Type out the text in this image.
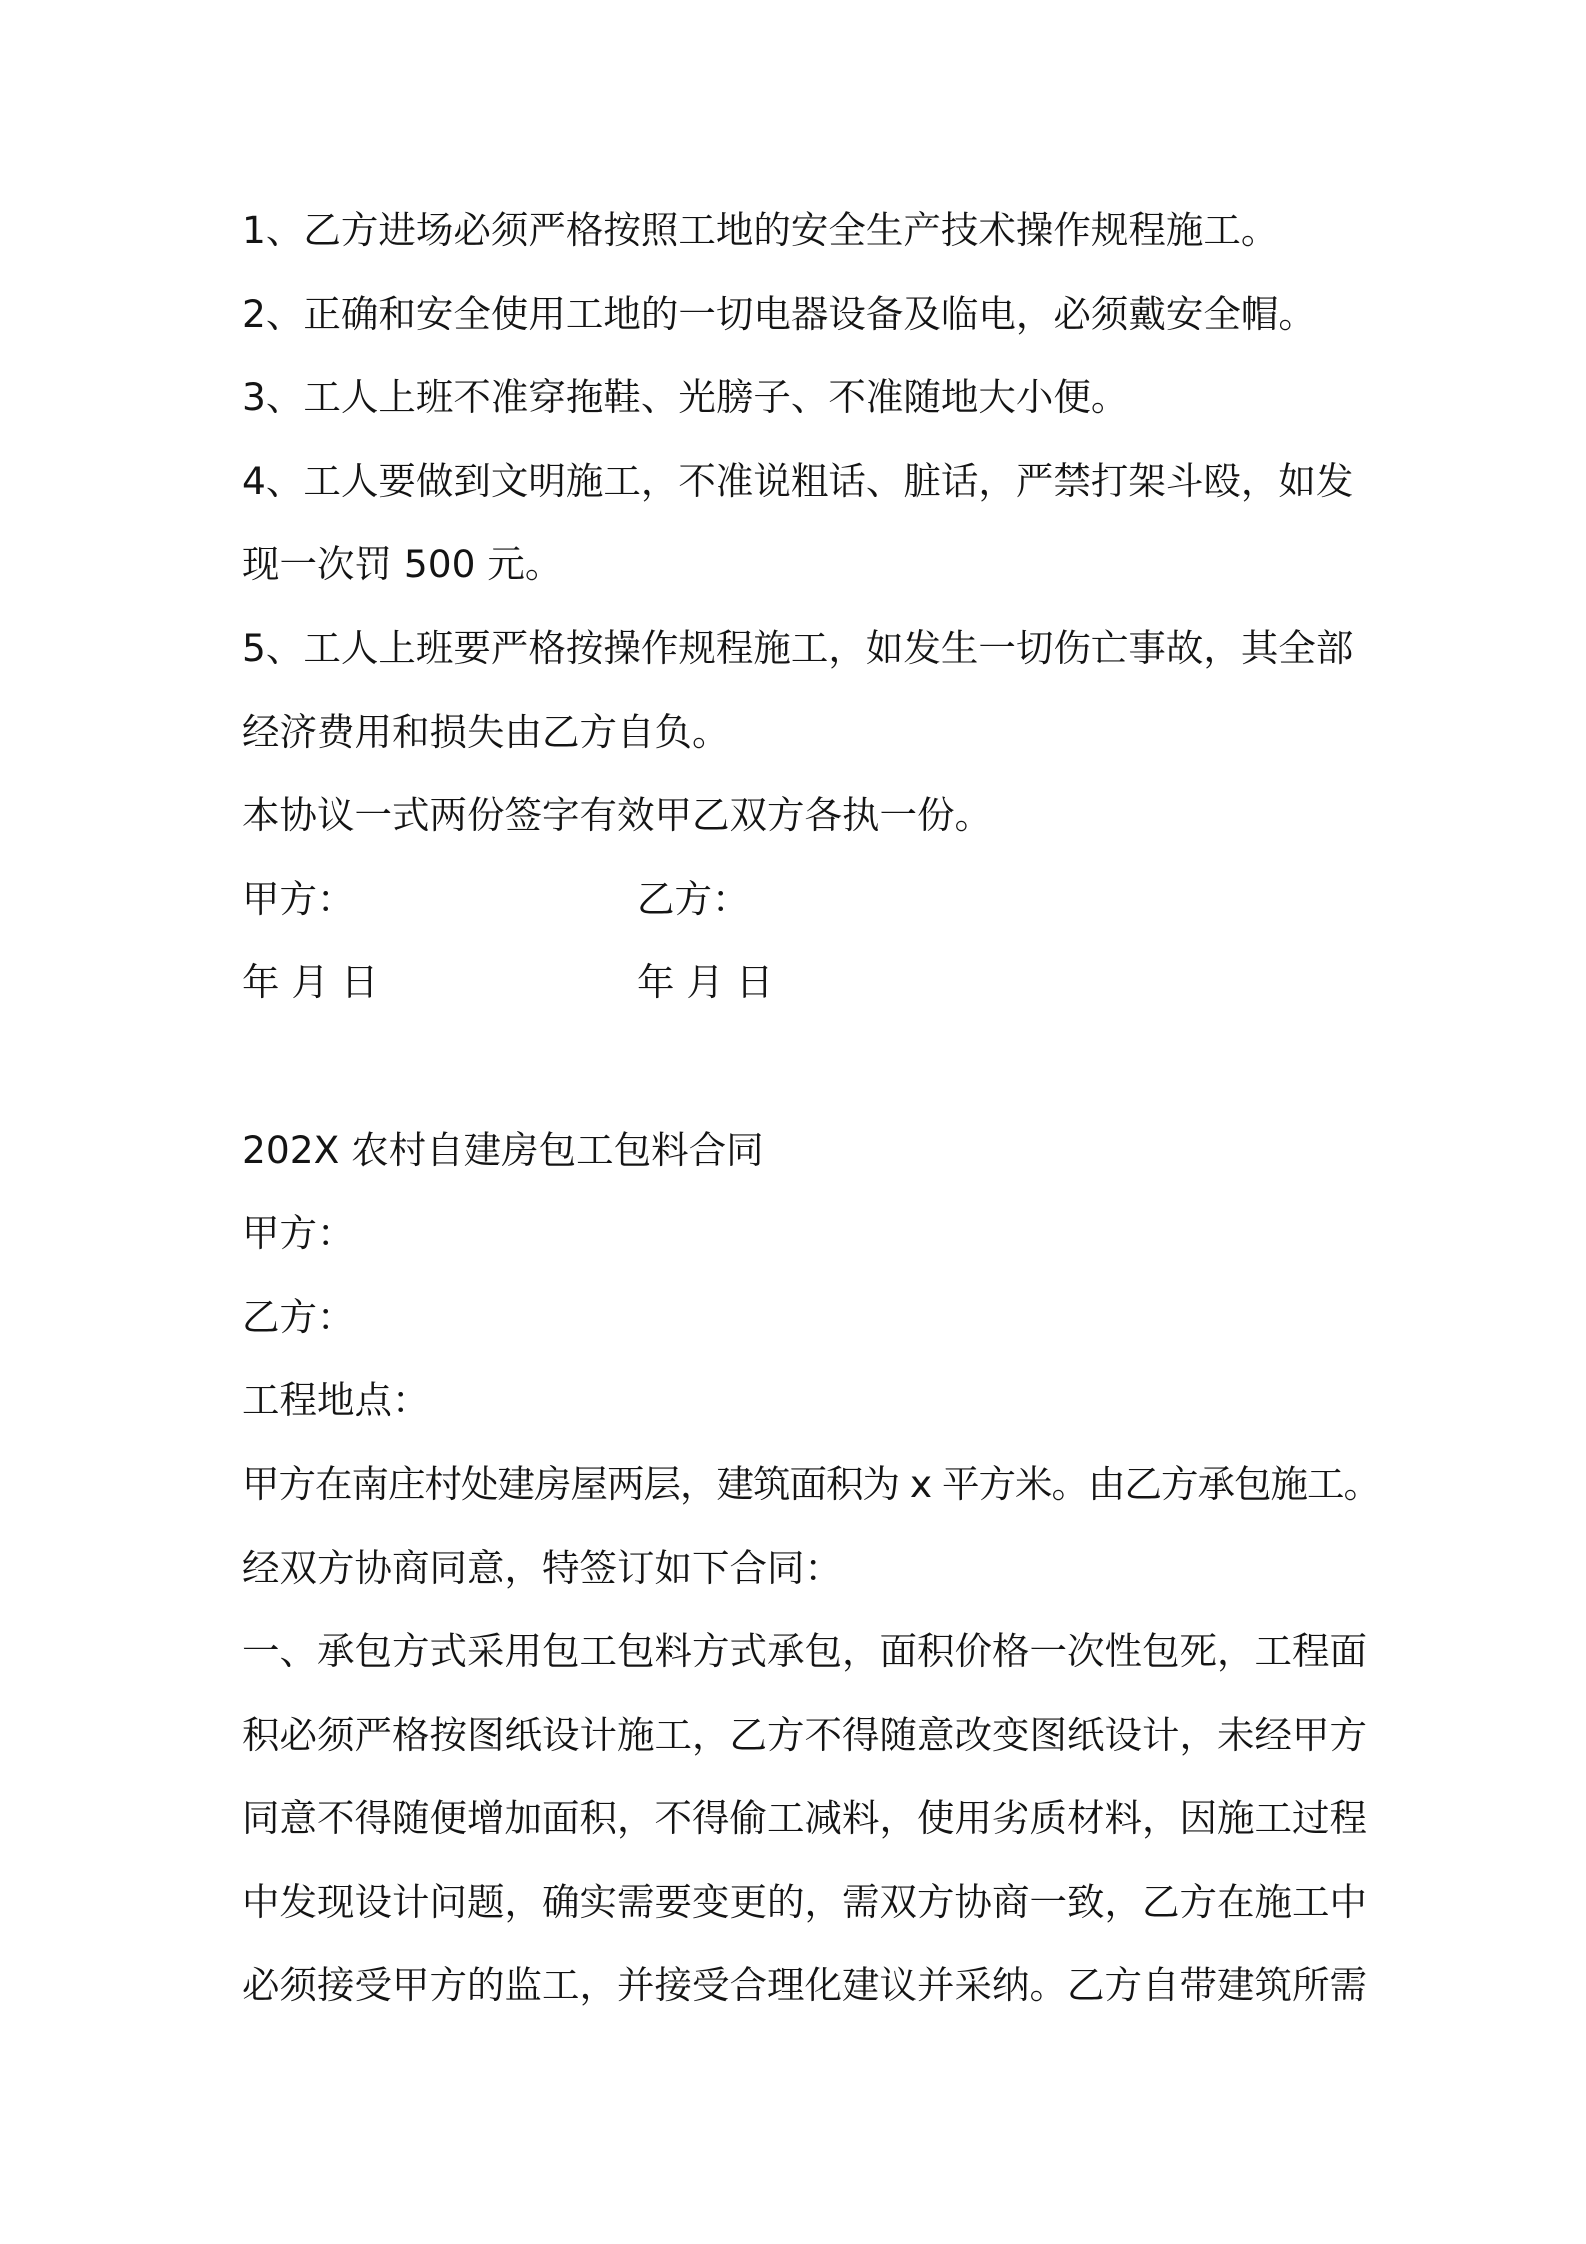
1、乙方进场必须严格按照工地的安全生产技术操作规程施工。
2、正确和安全使用工地的一切电器设备及临电，必须戴安全帽。
3、工人上班不准穿拖鞋、光膀子、不准随地大小便。
4、工人要做到文明施工，不准说粗话、脏话，严禁打架斗殴，如发
现一次罚 500 元。
5、工人上班要严格按操作规程施工，如发生一切伤亡事故，其全部
经济费用和损失由乙方自负。
本协议一式两份签字有效甲乙双方各执一份。
甲方：	乙方：
年 月 日	年 月 日
202X 农村自建房包工包料合同
甲方：
乙方：
工程地点：
甲方在南庄村处建房屋两层，建筑面积为 x 平方米。由乙方承包施工。
经双方协商同意，特签订如下合同：
一、承包方式采用包工包料方式承包，面积价格一次性包死，工程面
积必须严格按图纸设计施工，乙方不得随意改变图纸设计，未经甲方
同意不得随便增加面积，不得偷工减料，使用劣质材料，因施工过程
中发现设计问题，确实需要变更的，需双方协商一致，乙方在施工中
必须接受甲方的监工，并接受合理化建议并采纳。乙方自带建筑所需
